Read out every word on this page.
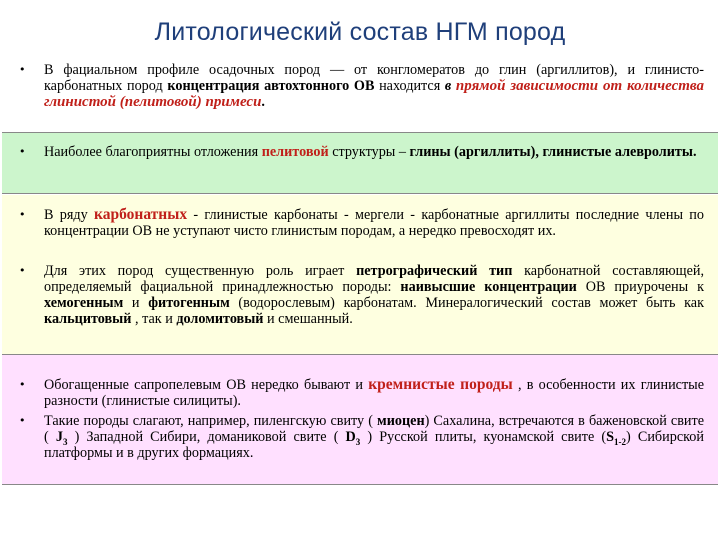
Литологический состав НГМ пород
• В фациальном профиле осадочных пород — от конгломератов до глин (аргиллитов), и глинисто-карбонатных пород концентрация автохтонного ОВ находится в прямой зависимости от количества глинистой (пелитовой) примеси.
• Наиболее благоприятны отложения пелитовой структуры – глины (аргиллиты), глинистые алевролиты.
• В ряду карбонатных - глинистые карбонаты - мергели - карбонатные аргиллиты последние члены по концентрации ОВ не уступают чисто глинистым породам, а нередко превосходят их.
• Для этих пород существенную роль играет петрографический тип карбонатной составляющей, определяемый фациальной принадлежностью породы: наивысшие концентрации ОВ приурочены к хемогенным и фитогенным (водорослевым) карбонатам. Минералогический состав может быть как кальцитовый , так и доломитовый и смешанный.
• Обогащенные сапропелевым ОВ нередко бывают и кремнистые породы , в особенности их глинистые разности (глинистые силициты).
• Такие породы слагают, например, пиленгскую свиту ( миоцен) Сахалина, встречаются в баженовской свите ( $J_3$ ) Западной Сибири, доманиковой свите ( $D_3$ ) Русской плиты, куонамской свите $(S_{1-2})$ Сибирской платформы и в других формациях.
